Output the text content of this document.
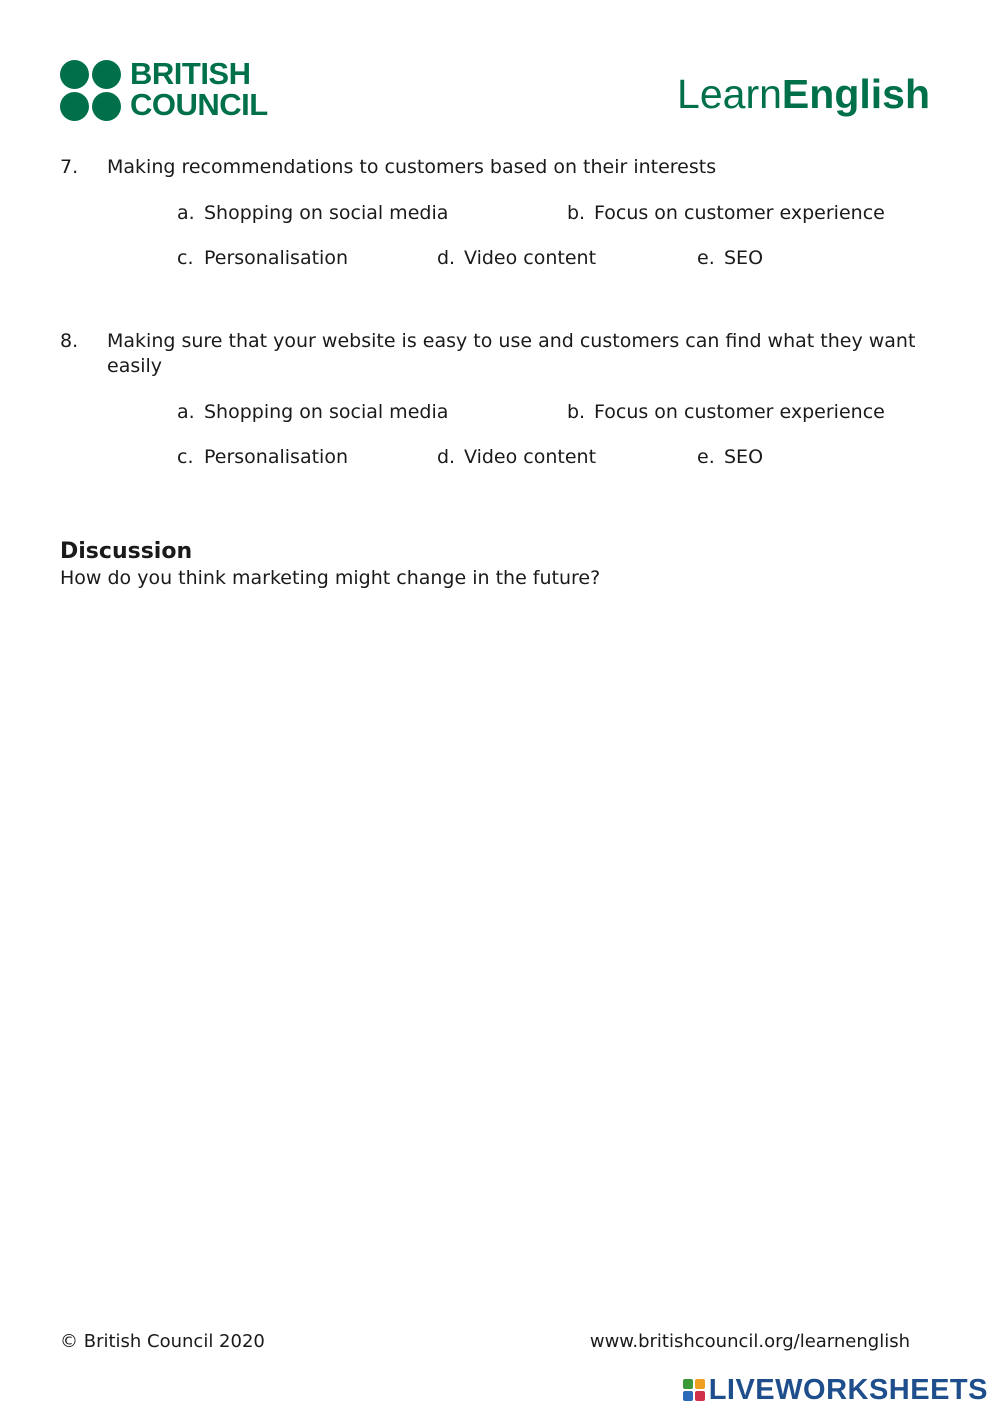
BRITISH
COUNCIL	LearnEnglish
7. Making recommendations to customers based on their interests
a. Shopping on social media	b. Focus on customer experience
c. Personalisation	d. Video content	e. SEO
8. Making sure that your website is easy to use and customers can find what they want easily
a. Shopping on social media	b. Focus on customer experience
c. Personalisation	d. Video content	e. SEO
Discussion
How do you think marketing might change in the future?
© British Council 2020	www.britishcouncil.org/learnenglish
LIVEWORKSHEETS
